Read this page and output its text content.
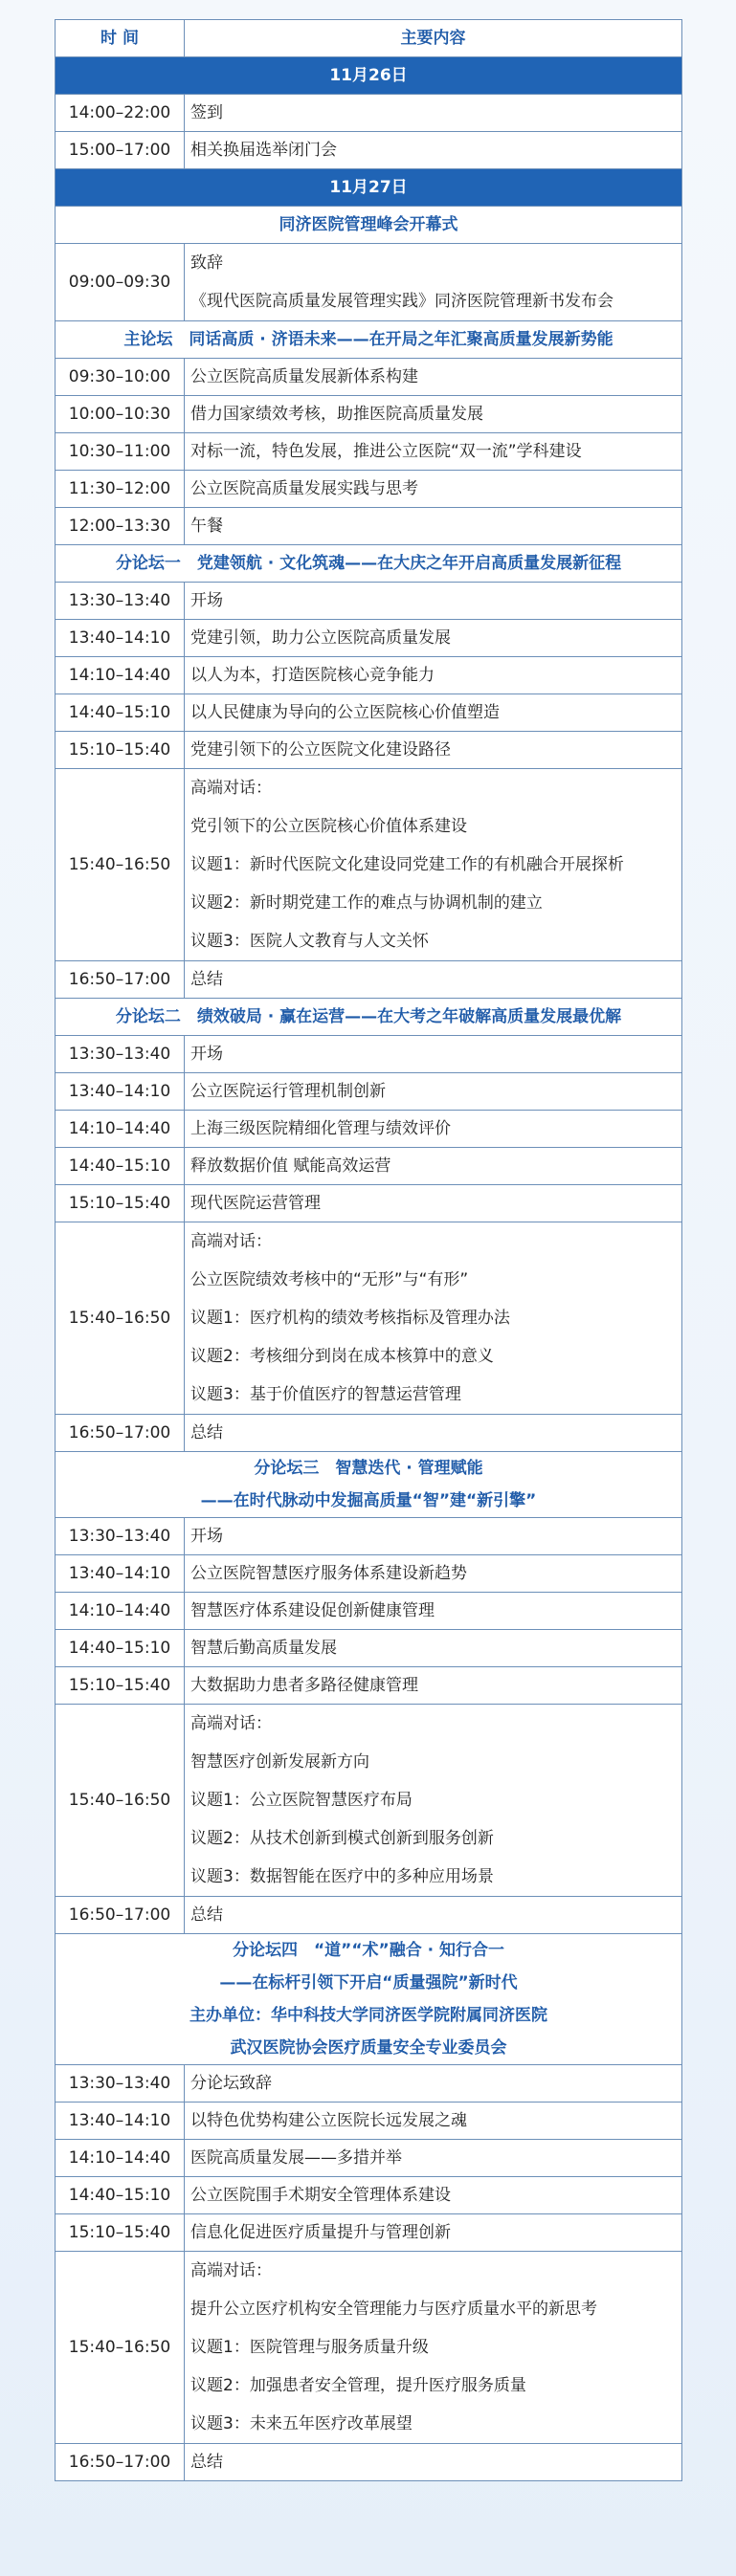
时 间	主要内容
11月26日	
14:00–22:00	签到
15:00–17:00	相关换届选举闭门会
11月27日	
同济医院管理峰会开幕式	
09:00–09:30	致辞
《现代医院高质量发展管理实践》同济医院管理新书发布会

主论坛　同话高质 · 济语未来——在开局之年汇聚高质量发展新势能	
09:30–10:00	公立医院高质量发展新体系构建
10:00–10:30	借力国家绩效考核，助推医院高质量发展
10:30–11:00	对标一流，特色发展，推进公立医院“双一流”学科建设
11:30–12:00	公立医院高质量发展实践与思考
12:00–13:30	午餐
分论坛一　党建领航 · 文化筑魂——在大庆之年开启高质量发展新征程	
13:30–13:40	开场
13:40–14:10	党建引领，助力公立医院高质量发展
14:10–14:40	以人为本，打造医院核心竞争能力
14:40–15:10	以人民健康为导向的公立医院核心价值塑造
15:10–15:40	党建引领下的公立医院文化建设路径
15:40–16:50	高端对话：
党引领下的公立医院核心价值体系建设
议题1：新时代医院文化建设同党建工作的有机融合开展探析
议题2：新时期党建工作的难点与协调机制的建立
议题3：医院人文教育与人文关怀

16:50–17:00	总结
分论坛二　绩效破局 · 赢在运营——在大考之年破解高质量发展最优解	
13:30–13:40	开场
13:40–14:10	公立医院运行管理机制创新
14:10–14:40	上海三级医院精细化管理与绩效评价
14:40–15:10	释放数据价值 赋能高效运营
15:10–15:40	现代医院运营管理
15:40–16:50	高端对话：
公立医院绩效考核中的“无形”与“有形”
议题1：医疗机构的绩效考核指标及管理办法
议题2：考核细分到岗在成本核算中的意义
议题3：基于价值医疗的智慧运营管理

16:50–17:00	总结

分论坛三　智慧迭代 · 管理赋能
——在时代脉动中发掘高质量“智”建“新引擎”	

13:30–13:40	开场
13:40–14:10	公立医院智慧医疗服务体系建设新趋势
14:10–14:40	智慧医疗体系建设促创新健康管理
14:40–15:10	智慧后勤高质量发展
15:10–15:40	大数据助力患者多路径健康管理
15:40–16:50	高端对话：
智慧医疗创新发展新方向
议题1：公立医院智慧医疗布局
议题2：从技术创新到模式创新到服务创新
议题3：数据智能在医疗中的多种应用场景

16:50–17:00	总结

分论坛四　“道”“术”融合 · 知行合一
——在标杆引领下开启“质量强院”新时代
主办单位：华中科技大学同济医学院附属同济医院
武汉医院协会医疗质量安全专业委员会	

13:30–13:40	分论坛致辞
13:40–14:10	以特色优势构建公立医院长远发展之魂
14:10–14:40	医院高质量发展——多措并举
14:40–15:10	公立医院围手术期安全管理体系建设
15:10–15:40	信息化促进医疗质量提升与管理创新
15:40–16:50	高端对话：
提升公立医疗机构安全管理能力与医疗质量水平的新思考
议题1：医院管理与服务质量升级
议题2：加强患者安全管理，提升医疗服务质量
议题3：未来五年医疗改革展望

16:50–17:00	总结
